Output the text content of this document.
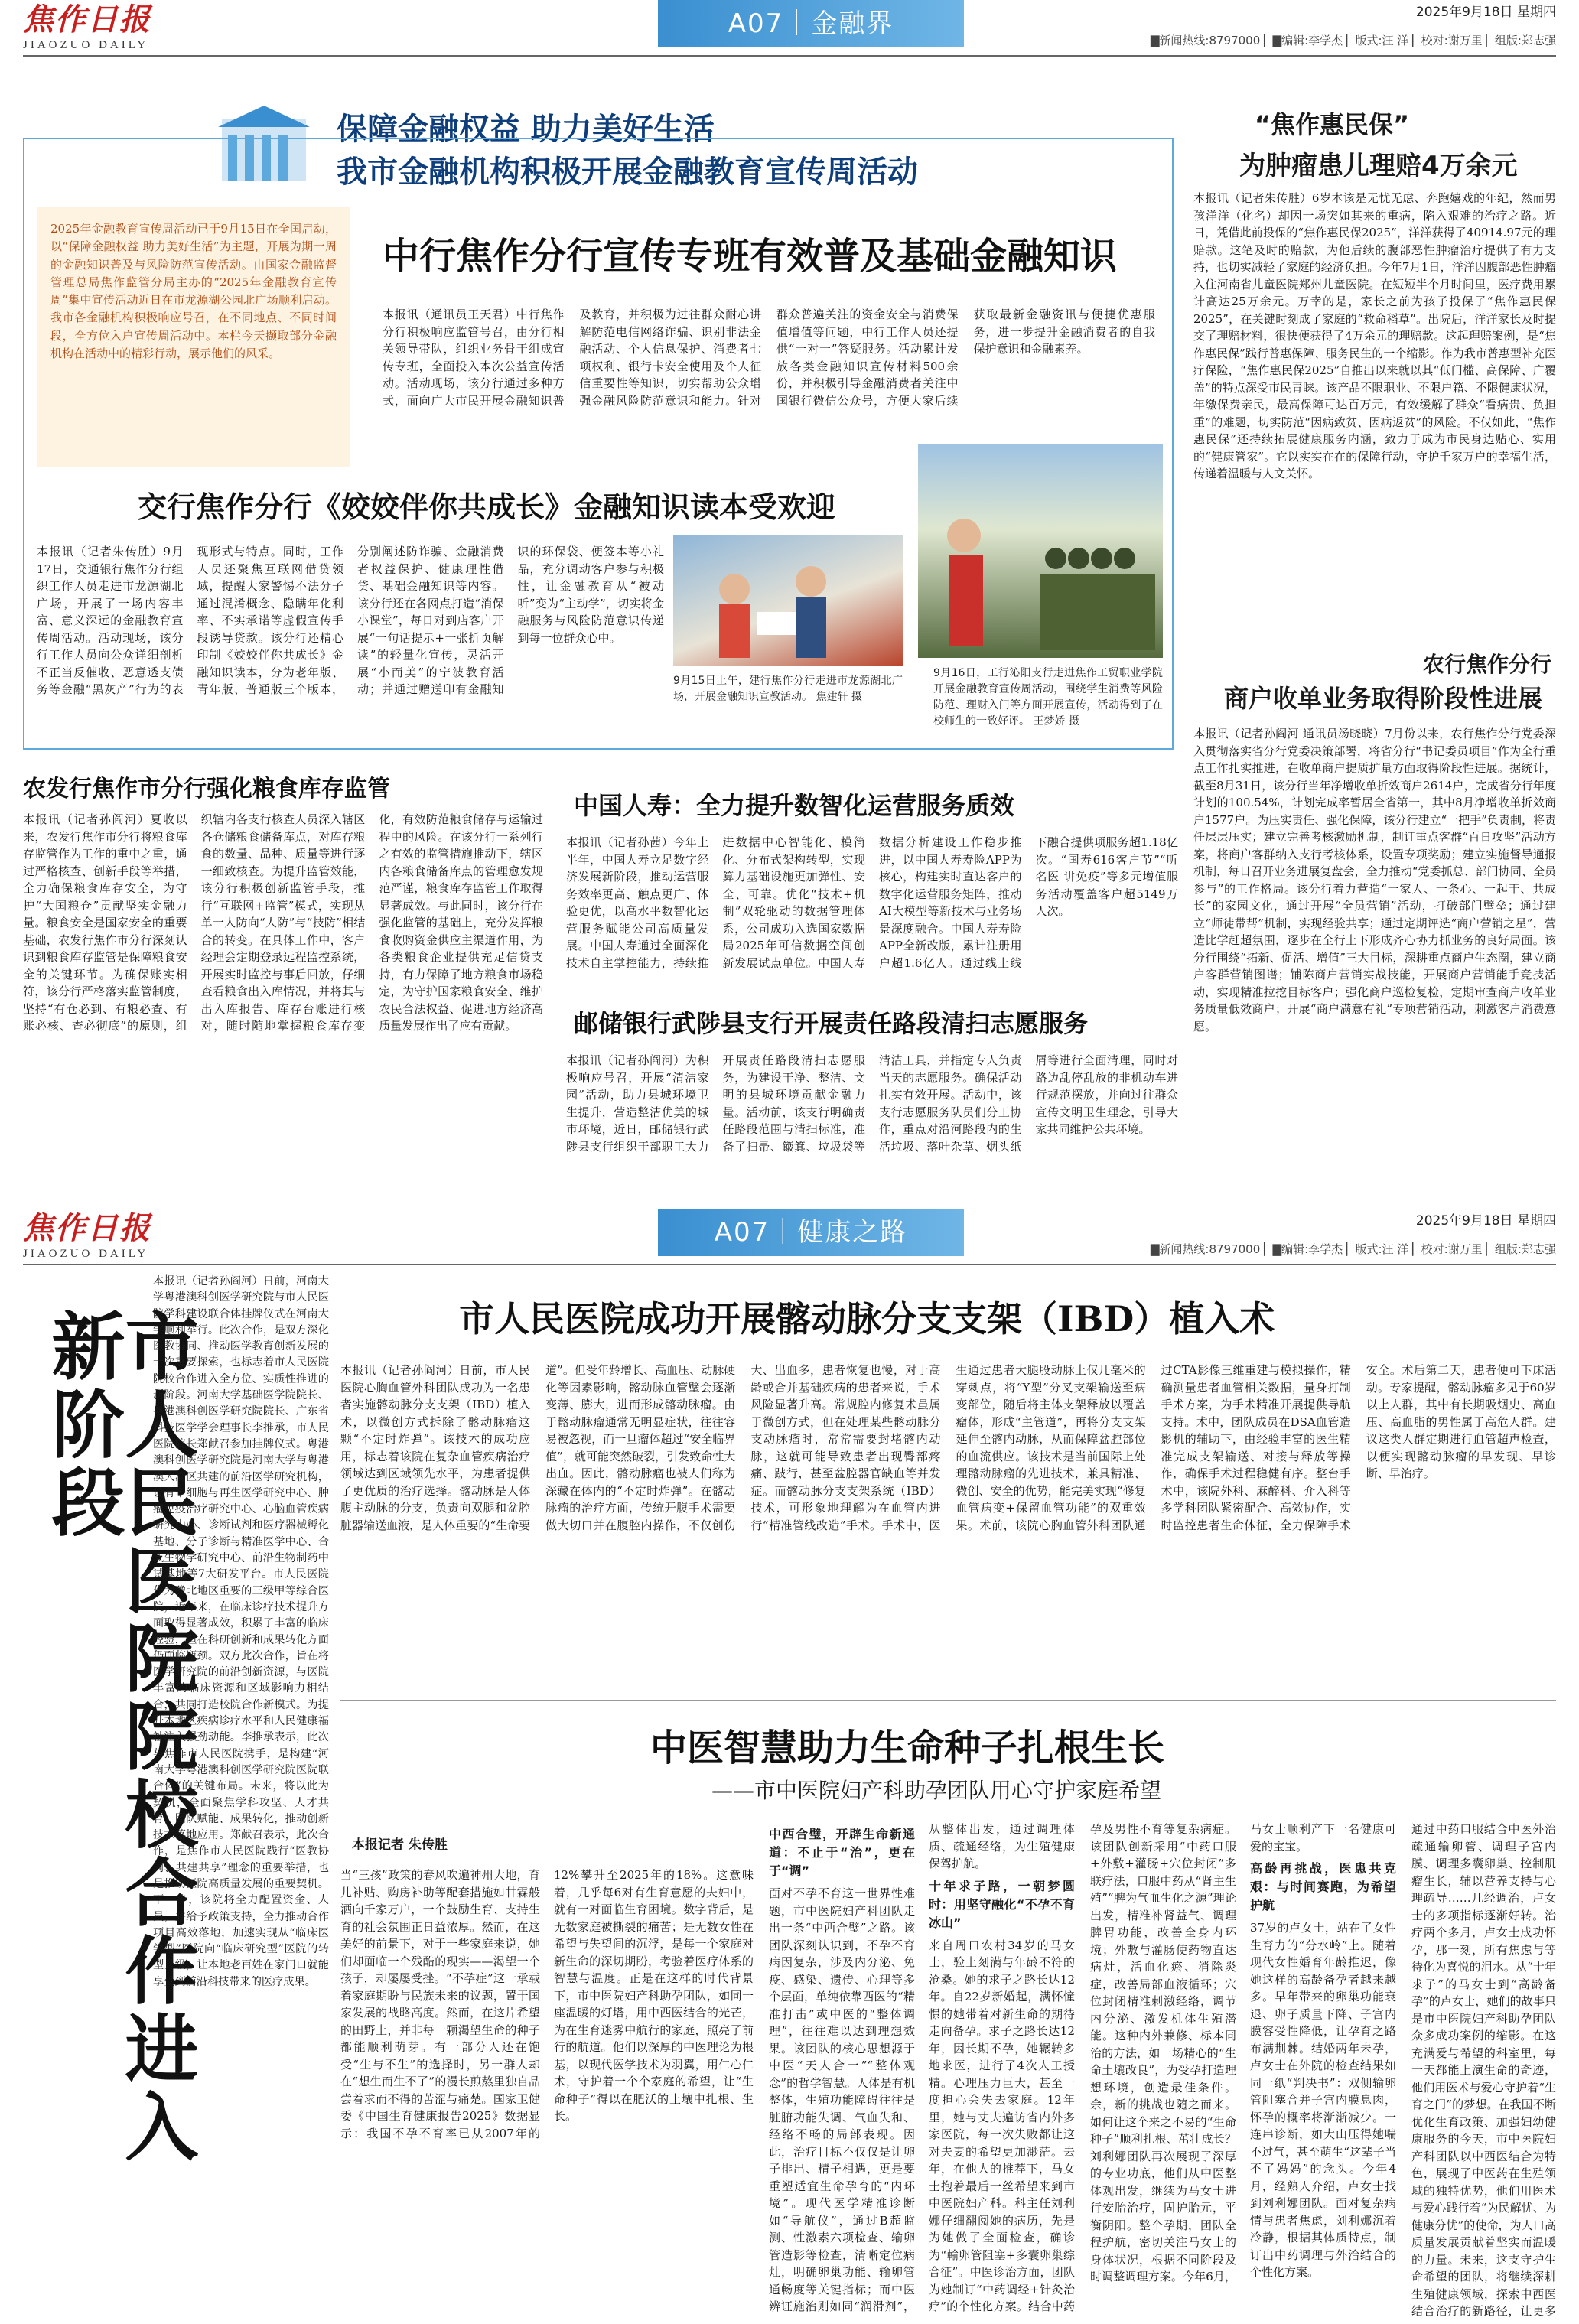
焦作日报
JIAOZUO DAILY
A07｜金融界	2025年9月18日 星期四
▇新闻热线:8797000 ▏▇编辑:李学杰 ▏版式:汪 洋 ▏校对:谢万里 ▏组版:郑志强
保障金融权益 助力美好生活
我市金融机构积极开展金融教育宣传周活动
2025年金融教育宣传周活动已于9月15日在全国启动，以“保障金融权益 助力美好生活”为主题，开展为期一周的金融知识普及与风险防范宣传活动。由国家金融监督管理总局焦作监管分局主办的“2025年金融教育宣传周”集中宣传活动近日在市龙源湖公园北广场顺利启动。我市各金融机构积极响应号召，在不同地点、不同时间段，全方位入户宣传周活动中。本栏今天撷取部分金融机构在活动中的精彩行动，展示他们的风采。
中行焦作分行宣传专班有效普及基础金融知识
本报讯（通讯员王天君）中行焦作分行积极响应监管号召，由分行相关领导带队，组织业务骨干组成宣传专班，全面投入本次公益宣传活动。活动现场，该分行通过多种方式，面向广大市民开展金融知识普及教育，并积极为过往群众耐心讲解防范电信网络诈骗、识别非法金融活动、个人信息保护、消费者七项权利、银行卡安全使用及个人征信重要性等知识，切实帮助公众增强金融风险防范意识和能力。针对群众普遍关注的资金安全与消费保值增值等问题，中行工作人员还提供“一对一”答疑服务。活动累计发放各类金融知识宣传材料500余份，并积极引导金融消费者关注中国银行微信公众号，方便大家后续获取最新金融资讯与便捷优惠服务，进一步提升金融消费者的自我保护意识和金融素养。
交行焦作分行《姣姣伴你共成长》金融知识读本受欢迎
本报讯（记者朱传胜）9月17日，交通银行焦作分行组织工作人员走进市龙源湖北广场，开展了一场内容丰富、意义深远的金融教育宣传周活动。活动现场，该分行工作人员向公众详细剖析不正当反催收、恶意透支债务等金融“黑灰产”行为的表现形式与特点。同时，工作人员还聚焦互联网借贷领域，提醒大家警惕不法分子通过混淆概念、隐瞒年化利率、不实承诺等虚假宣传手段诱导贷款。该分行还精心印制《姣姣伴你共成长》金融知识读本，分为老年版、青年版、普通版三个版本，分别阐述防诈骗、金融消费者权益保护、健康理性借贷、基础金融知识等内容。该分行还在各网点打造“消保小课堂”，每日对到店客户开展“一句话提示+一张折页解读”的轻量化宣传，灵活开展“小而美”的宁波教育活动；并通过赠送印有金融知识的环保袋、便签本等小礼品，充分调动客户参与积极性，让金融教育从“被动听”变为“主动学”，切实将金融服务与风险防范意识传递到每一位群众心中。
9月15日上午，建行焦作分行走进市龙源湖北广场，开展金融知识宣教活动。 焦建轩 摄
9月16日，工行沁阳支行走进焦作工贸职业学院开展金融教育宣传周活动，围绕学生消费等风险防范、理财入门等方面开展宣传，活动得到了在校师生的一致好评。 王梦娇 摄
“焦作惠民保”
为肿瘤患儿理赔4万余元
本报讯（记者朱传胜）6岁本该是无忧无虑、奔跑嬉戏的年纪，然而男孩洋洋（化名）却因一场突如其来的重病，陷入艰难的治疗之路。近日，凭借此前投保的“焦作惠民保2025”，洋洋获得了40914.97元的理赔款。这笔及时的赔款，为他后续的腹部恶性肿瘤治疗提供了有力支持，也切实减轻了家庭的经济负担。今年7月1日，洋洋因腹部恶性肿瘤入住河南省儿童医院郑州儿童医院。在短短半个月时间里，医疗费用累计高达25万余元。万幸的是，家长之前为孩子投保了“焦作惠民保2025”，在关键时刻成了家庭的“救命稻草”。出院后，洋洋家长及时提交了理赔材料，很快便获得了4万余元的理赔款。这起理赔案例，是“焦作惠民保”践行普惠保障、服务民生的一个缩影。作为我市普惠型补充医疗保险，“焦作惠民保2025”自推出以来就以其“低门槛、高保障、广覆盖”的特点深受市民青睐。该产品不限职业、不限户籍、不限健康状况，年缴保费亲民，最高保障可达百万元，有效缓解了群众“看病贵、负担重”的难题，切实防范“因病致贫、因病返贫”的风险。不仅如此，“焦作惠民保”还持续拓展健康服务内涵，致力于成为市民身边贴心、实用的“健康管家”。它以实实在在的保障行动，守护千家万户的幸福生活，传递着温暖与人文关怀。
农行焦作分行
商户收单业务取得阶段性进展
本报讯（记者孙阎河 通讯员汤晓晓）7月份以来，农行焦作分行党委深入贯彻落实省分行党委决策部署，将省分行“书记委员项目”作为全行重点工作扎实推进，在收单商户提质扩量方面取得阶段性进展。据统计，截至8月31日，该分行当年净增收单折效商户2614户，完成省分行年度计划的100.54%，计划完成率暂居全省第一，其中8月净增收单折效商户1577户。为压实责任、强化保障，该分行建立“一把手”负责制，将责任层层压实；建立完善考核激励机制，制订重点客群“百日攻坚”活动方案，将商户客群纳入支行考核体系，设置专项奖励；建立实施督导通报机制，每日召开业务进展复盘会，全力推动“党委抓总、部门协同、全员参与”的工作格局。该分行着力营造“一家人、一条心、一起干、共成长”的家园文化，通过开展“全员营销”活动，打破部门壁垒；通过建立“师徒带帮”机制，实现经验共享；通过定期评选“商户营销之星”，营造比学赶超氛围，逐步在全行上下形成齐心协力抓业务的良好局面。该分行围绕“拓新、促活、增值”三大目标，深耕重点商户生态圈，建立商户客群营销图谱；铺陈商户营销实战技能，开展商户营销能手竞技活动，实现精准拉挖目标客户；强化商户巡检复检，定期审查商户收单业务质量低效商户；开展“商户满意有礼”专项营销活动，刺激客户消费意愿。
农发行焦作市分行强化粮食库存监管
本报讯（记者孙阎河）夏收以来，农发行焦作市分行将粮食库存监管作为工作的重中之重，通过严格核查、创新手段等举措，全力确保粮食库存安全，为守护“大国粮仓”贡献坚实金融力量。粮食安全是国家安全的重要基础，农发行焦作市分行深刻认识到粮食库存监管是保障粮食安全的关键环节。为确保账实相符，该分行严格落实监管制度，坚持“有仓必到、有粮必查、有账必核、查必彻底”的原则，组织辖内各支行核查人员深入辖区各仓储粮食储备库点，对库存粮食的数量、品种、质量等进行逐一细致核查。为提升监管效能，该分行积极创新监管手段，推行“互联网+监管”模式，实现从单一人防向“人防”与“技防”相结合的转变。在具体工作中，客户经理会定期登录远程监控系统，开展实时监控与事后回放，仔细查看粮食出入库情况，并将其与出入库报告、库存台账进行核对，随时随地掌握粮食库存变化，有效防范粮食储存与运输过程中的风险。在该分行一系列行之有效的监管措施推动下，辖区内各粮食储备库点的管理愈发规范严谨，粮食库存监管工作取得显著成效。与此同时，该分行在强化监管的基础上，充分发挥粮食收购资金供应主渠道作用，为各类粮食企业提供充足信贷支持，有力保障了地方粮食市场稳定，为守护国家粮食安全、维护农民合法权益、促进地方经济高质量发展作出了应有贡献。
中国人寿：全力提升数智化运营服务质效
本报讯（记者孙茜）今年上半年，中国人寿立足数字经济发展新阶段，推动运营服务效率更高、触点更广、体验更优，以高水平数智化运营服务赋能公司高质量发展。中国人寿通过全面深化技术自主掌控能力，持续推进数据中心智能化、模简化、分布式架构转型，实现算力基础设施更加弹性、安全、可靠。优化“技术+机制”双轮驱动的数据管理体系，公司成功入选国家数据局2025年可信数据空间创新发展试点单位。中国人寿数据分析建设工作稳步推进，以中国人寿寿险APP为核心，构建实时直达客户的数字化运营服务矩阵，推动AI大模型等新技术与业务场景深度融合。中国人寿寿险APP全新改版，累计注册用户超1.6亿人。通过线上线下融合提供项服务超1.18亿次。“国寿616客户节”“听名医 讲免疫”等多元增值服务活动覆盖客户超5149万人次。
邮储银行武陟县支行开展责任路段清扫志愿服务
本报讯（记者孙阎河）为积极响应号召，开展“清洁家园”活动，助力县城环境卫生提升，营造整洁优美的城市环境，近日，邮储银行武陟县支行组织干部职工大力开展责任路段清扫志愿服务，为建设干净、整洁、文明的县城环境贡献金融力量。活动前，该支行明确责任路段范围与清扫标准，准备了扫帚、簸箕、垃圾袋等清洁工具，并指定专人负责当天的志愿服务。确保活动扎实有效开展。活动中，该支行志愿服务队员们分工协作，重点对沿河路段内的生活垃圾、落叶杂草、烟头纸屑等进行全面清理，同时对路边乱停乱放的非机动车进行规范摆放，并向过往群众宣传文明卫生理念，引导大家共同维护公共环境。
焦作日报
JIAOZUO DAILY
A07｜健康之路	2025年9月18日 星期四
▇新闻热线:8797000 ▏▇编辑:李学杰 ▏版式:汪 洋 ▏校对:谢万里 ▏组版:郑志强
市人民医院院校合作进入新阶段
本报讯（记者孙阎河）日前，河南大学粤港澳科创医学研究院与市人民医院学科建设联合体挂牌仪式在河南大学顺利举行。此次合作，是双方深化医教协同、推动医学教育创新发展的一次重要探索，也标志着市人民医院院校合作进入全方位、实质性推进的新阶段。河南大学基础医学院院长、粤港澳科创医学研究院院长、广东省科技医学学会理事长李推承，市人民医院院长郑献召参加挂牌仪式。粤港澳科创医学研究院是河南大学与粤港澳大湾区共建的前沿医学研究机构，设有干细胞与再生医学研究中心、肿瘤免疫治疗研究中心、心脑血管疾病研究中心、诊断试剂和医疗器械孵化基地、分子诊断与精准医学中心、合成生物学研究中心、前沿生物制药中试基地等7大研发平台。市人民医院作为豫北地区重要的三级甲等综合医院，近年来，在临床诊疗技术提升方面取得显著成效，积累了丰富的临床经验，但在科研创新和成果转化方面仍面临瓶颈。双方此次合作，旨在将医学研究院的前沿创新资源，与医院丰富的临床资源和区域影响力相结合，共同打造校院合作新模式。为提升本地区疾病诊疗水平和人民健康福祉注入强劲动能。李推承表示，此次与焦作市人民医院携手，是构建“河南大学粤港澳科创医学研究院医院联合体”的关键布局。未来，将以此为契机，全面聚焦学科攻坚、人才共育、团队赋能、成果转化，推动创新技术落地应用。郑献召表示，此次合作，是焦作市人民医院践行“医教协同、共建共享”理念的重要举措，也是推动医院高质量发展的重要契机。下一步，该院将全力配置资金、人员，并给予政策支持，全力推动合作项目高效落地，加速实现从“临床医学型”医院向“临床研究型”医院的转型升级，让本地老百姓在家门口就能享受到前沿科技带来的医疗成果。
市人民医院成功开展髂动脉分支支架（IBD）植入术
本报讯（记者孙阎河）日前，市人民医院心胸血管外科团队成功为一名患者实施髂动脉分支支架（IBD）植入术，以微创方式拆除了髂动脉瘤这颗“不定时炸弹”。该技术的成功应用，标志着该院在复杂血管疾病治疗领域达到区域领先水平，为患者提供了更优质的治疗选择。髂动脉是人体腹主动脉的分支，负责向双腿和盆腔脏器输送血液，是人体重要的“生命要道”。但受年龄增长、高血压、动脉硬化等因素影响，髂动脉血管壁会逐渐变薄、膨大，进而形成髂动脉瘤。由于髂动脉瘤通常无明显症状，往往容易被忽视，而一旦瘤体超过“安全临界值”，就可能突然破裂，引发致命性大出血。因此，髂动脉瘤也被人们称为深藏在体内的“不定时炸弹”。在髂动脉瘤的治疗方面，传统开腹手术需要做大切口并在腹腔内操作，不仅创伤大、出血多，患者恢复也慢，对于高龄或合并基础疾病的患者来说，手术风险显著升高。常规腔内修复术虽属于微创方式，但在处理某些髂动脉分支动脉瘤时，常常需要封堵髂内动脉，这就可能导致患者出现臀部疼痛、跛行，甚至盆腔器官缺血等并发症。而髂动脉分支支架系统（IBD）技术，可形象地理解为在血管内进行“精准管线改造”手术。手术中，医生通过患者大腿股动脉上仅几毫米的穿刺点，将“Y型”分叉支架输送至病变部位，随后将主体支架释放以覆盖瘤体，形成“主管道”，再将分支支架延伸至髂内动脉，从而保障盆腔部位的血流供应。该技术是当前国际上处理髂动脉瘤的先进技术，兼具精准、微创、安全的优势，能完美实现“修复血管病变+保留血管功能”的双重效果。术前，该院心胸血管外科团队通过CTA影像三维重建与模拟操作，精确测量患者血管相关数据，量身打制手术方案，为手术精准开展提供导航支持。术中，团队成员在DSA血管造影机的辅助下，由经验丰富的医生精准完成支架输送、对接与释放等操作，确保手术过程稳健有序。整台手术中，该院外科、麻醉科、介入科等多学科团队紧密配合、高效协作，实时监控患者生命体征，全力保障手术安全。术后第二天，患者便可下床活动。专家提醒，髂动脉瘤多见于60岁以上人群，其中有长期吸烟史、高血压、高血脂的男性属于高危人群。建议这类人群定期进行血管超声检查，以便实现髂动脉瘤的早发现、早诊断、早治疗。
中医智慧助力生命种子扎根生长
——市中医院妇产科助孕团队用心守护家庭希望
本报记者 朱传胜
当“三孩”政策的春风吹遍神州大地，育儿补贴、购房补助等配套措施如甘霖般洒向千家万户，一个鼓励生育、支持生育的社会氛围正日益浓厚。然而，在这美好的前景下，对于一些家庭来说，她们却面临一个残酷的现实——渴望一个孩子，却屡屡受挫。“不孕症”这一承载着家庭期盼与民族未来的议题，置于国家发展的战略高度。然而，在这片希望的田野上，并非每一颗渴望生命的种子都能顺利萌芽。有一部分人还在饱受“生与不生”的选择时，另一群人却在“想生而生不了”的漫长煎熬里独自品尝着求而不得的苦涩与痛楚。国家卫健委《中国生育健康报告2025》数据显示：我国不孕不育率已从2007年的12%攀升至2025年的18%。这意味着，几乎每6对有生育意愿的夫妇中，就有一对面临生育困境。数字背后，是无数家庭被撕裂的痛苦；是无数女性在希望与失望间的沉浮，是每一个家庭对新生命的深切期盼，考验着医疗体系的智慧与温度。正是在这样的时代背景下，市中医院妇产科助孕团队，如同一座温暖的灯塔，用中西医结合的光芒，为在生育迷雾中航行的家庭，照亮了前行的航道。他们以深厚的中医理论为根基，以现代医学技术为羽翼，用仁心仁术，守护着一个个家庭的希望，让“生命种子”得以在肥沃的土壤中扎根、生长。
中西合璧，开辟生命新通道：不止于“治”，更在于“调”
面对不孕不育这一世界性难题，市中医院妇产科团队走出一条“中西合璧”之路。该团队深刻认识到，不孕不育病因复杂，涉及内分泌、免疫、感染、遗传、心理等多个层面，单纯依靠西医的“精准打击”或中医的“整体调理”，往往难以达到理想效果。该团队的核心思想源于中医“天人合一”“整体观念”的哲学智慧。人体是有机整体，生殖功能障碍往往是脏腑功能失调、气血失和、经络不畅的局部表现。因此，治疗目标不仅仅是让卵子排出、精子相遇，更是要重塑适宜生命孕育的“内环境”。现代医学精准诊断如“导航仪”，通过B超监测、性激素六项检查、输卵管造影等检查，清晰定位病灶，明确卵巢功能、输卵管通畅度等关键指标；而中医辨证施治则如同“润滑剂”，从整体出发，通过调理体质、疏通经络，为生殖健康保驾护航。
十年求子路，一朝梦圆时：用坚守融化“不孕不育冰山”
来自周口农村34岁的马女士，验上刻满与年龄不符的沧桑。她的求子之路长达12年。自22岁新婚起，满怀憧憬的她带着对新生命的期待走向备孕。求子之路长达12年，因长期不孕，她辗转多地求医，进行了4次人工授精。心理压力巨大，甚至一度担心会失去家庭。12年里，她与丈夫遍访省内外多家医院，每一次失败都让这对夫妻的希望更加渺茫。去年，在他人的推荐下，马女士抱着最后一丝希望来到市中医院妇产科。科主任刘利娜仔细翻阅她的病历，先是为她做了全面检查，确诊为“輸卵管阻塞+多囊卵巢综合征”。中医诊治方面，团队为她制订“中药调经+针灸治疗”的个性化方案。结合中药
孕及男性不育等复杂病症。该团队创新采用“中药口服+外敷+灌肠+穴位封闭”多联疗法，口服中药从“肾主生殖”“脾为气血生化之源”理论出发，精准补肾益气、调理脾胃功能，改善全身内环境；外敷与灌肠使药物直达病灶，活血化瘀、消除炎症，改善局部血液循环；穴位封闭精准刺激经络，调节内分泌、激发机体生殖潜能。这种内外兼修、标本同治的方法，如一场精心的“生命土壤改良”，为受孕打造理想环境，创造最佳条件。 余，新的挑战也随之而来。如何让这个来之不易的“生命种子”顺利扎根、茁壮成长？刘利娜团队再次展现了深厚的专业功底，他们从中医整体观出发，继续为马女士进行安胎治疗，固护胎元，平衡阴阳。整个孕期，团队全程护航，密切关注马女士的身体状况，根据不同阶段及时调整调理方案。今年6月，马女士顺利产下一名健康可爱的宝宝。
高龄再挑战，医患共克艰：与时间赛跑，为希望护航
37岁的卢女士，站在了女性生育力的“分水岭”上。随着现代女性婚育年龄推迟，像她这样的高龄备孕者越来越多。早年带来的卵巢功能衰退、卵子质量下降、子宫内膜容受性降低，让孕育之路布满荆棘。结婚两年未孕，卢女士在外院的检查结果如同一纸“判决书”：双侧输卵管阻塞合并子宫内膜息肉，怀孕的概率将渐渐减少。一连串诊断，如大山压得她喘不过气，甚至萌生“这辈子当不了妈妈”的念头。今年4月，经熟人介绍，卢女士找到刘利娜团队。面对复杂病情与患者焦虑，刘利娜沉着冷静，根据其体质特点，制订出中药调理与外治结合的个性化方案。
通过中药口服结合中医外治疏通输卵管、调理子宫内膜、调理多囊卵巢、控制肌瘤生长，辅以营养支持与心理疏导……几经调治，卢女士的多项指标逐渐好转。治疗两个多月，卢女士成功怀孕，那一刻，所有焦虑与等待化为喜悦的泪水。从“十年求子”的马女士到“高龄备孕”的卢女士，她们的故事只是市中医院妇产科助孕团队众多成功案例的缩影。在这充满爱与希望的科室里，每一天都能上演生命的奇迹，他们用医术与爱心守护着“生育之门”的梦想。在我国不断优化生育政策、加强妇幼健康服务的今天，市中医院妇产科团队以中西医结合为特色，展现了中医药在生殖领域的独特优势，他们用医术与爱心践行着“为民解忧、为健康分忧”的使命，为人口高质量发展贡献着坚实而温暖的力量。未来，这支守护生命希望的团队，将继续深耕生殖健康领域，探索中西医结合治疗的新路径，让更多
